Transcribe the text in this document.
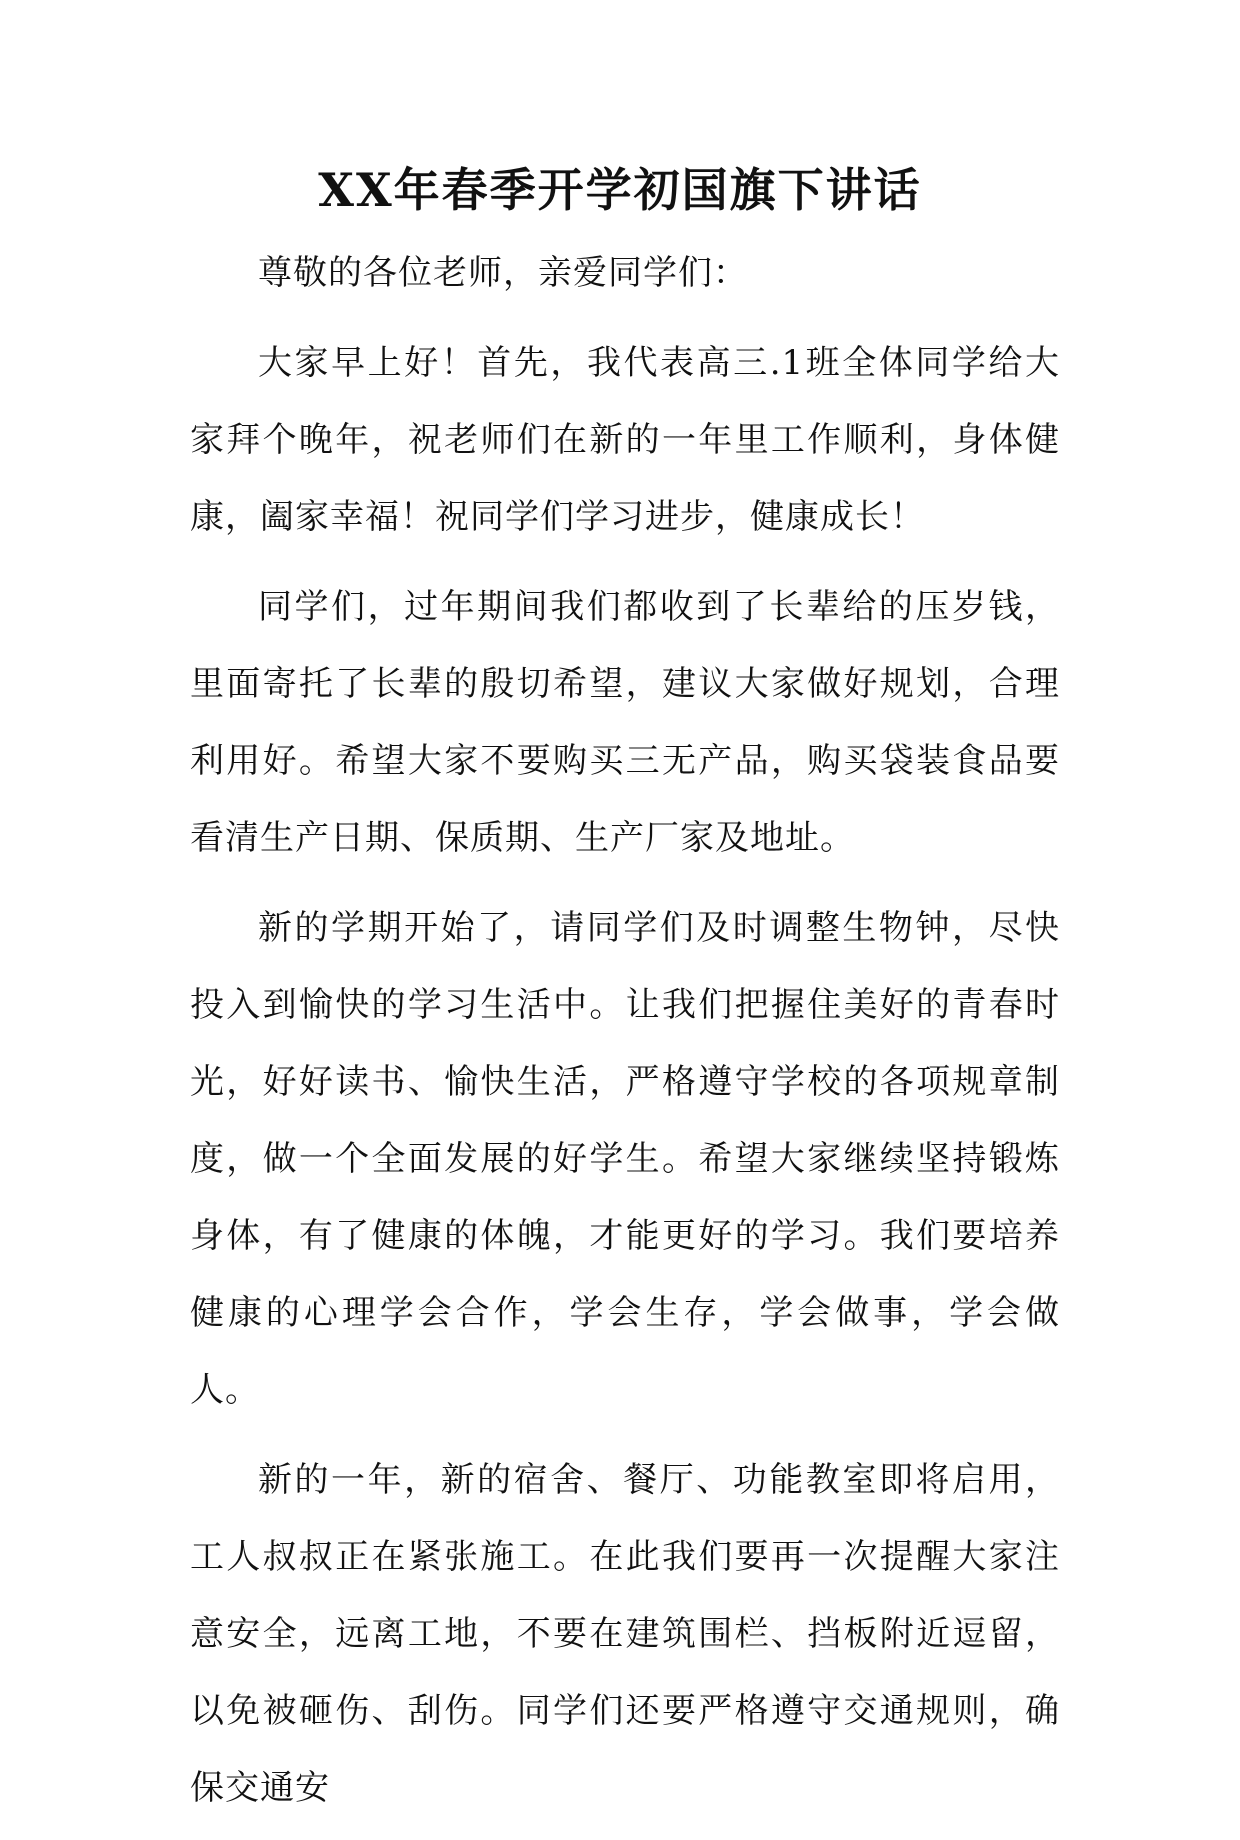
XX年春季开学初国旗下讲话

尊敬的各位老师，亲爱同学们：

大家早上好！首先，我代表高三.1班全体同学给大家拜个晚年，祝老师们在新的一年里工作顺利，身体健康，阖家幸福！祝同学们学习进步，健康成长！

同学们，过年期间我们都收到了长辈给的压岁钱，里面寄托了长辈的殷切希望，建议大家做好规划，合理利用好。希望大家不要购买三无产品，购买袋装食品要看清生产日期、保质期、生产厂家及地址。

新的学期开始了，请同学们及时调整生物钟，尽快投入到愉快的学习生活中。让我们把握住美好的青春时光，好好读书、愉快生活，严格遵守学校的各项规章制度，做一个全面发展的好学生。希望大家继续坚持锻炼身体，有了健康的体魄，才能更好的学习。我们要培养健康的心理学会合作，学会生存，学会做事，学会做人。

新的一年，新的宿舍、餐厅、功能教室即将启用，工人叔叔正在紧张施工。在此我们要再一次提醒大家注意安全，远离工地，不要在建筑围栏、挡板附近逗留，以免被砸伤、刮伤。同学们还要严格遵守交通规则，确保交通安
